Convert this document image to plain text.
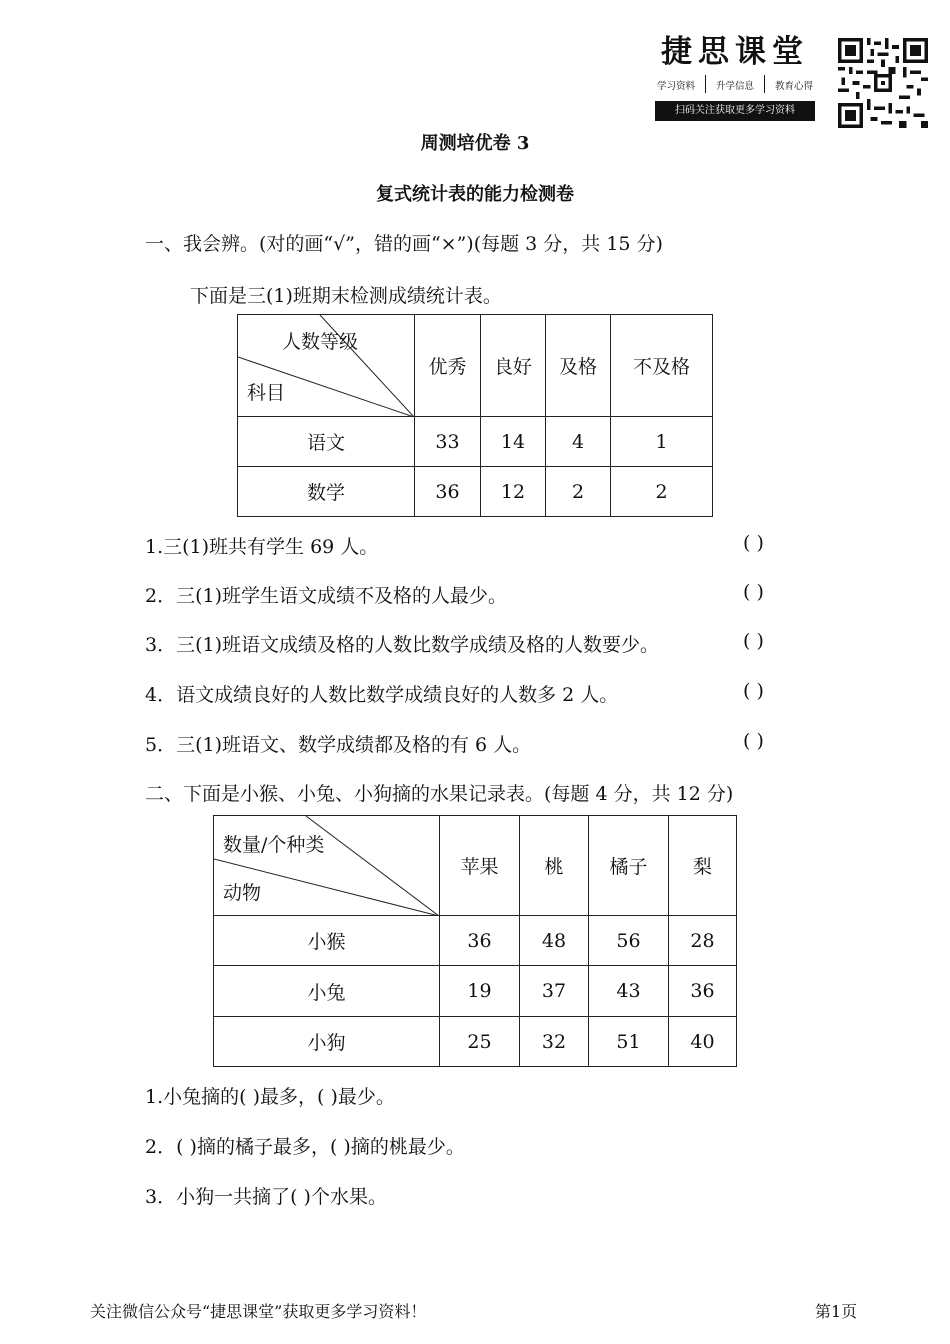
捷思课堂
学习资料 升学信息 教育心得
扫码关注获取更多学习资料
周测培优卷 3
复式统计表的能力检测卷
一、我会辨。(对的画“√”，错的画“×”)(每题 3 分，共 15 分)
下面是三(1)班期末检测成绩统计表。
人数等级
科目	优秀	良好	及格	不及格
语文	33	14	4	1
数学	36	12	2	2
1.三(1)班共有学生 69 人。	( )
2．三(1)班学生语文成绩不及格的人最少。	( )
3．三(1)班语文成绩及格的人数比数学成绩及格的人数要少。	( )
4．语文成绩良好的人数比数学成绩良好的人数多 2 人。	( )
5．三(1)班语文、数学成绩都及格的有 6 人。	( )
二、下面是小猴、小兔、小狗摘的水果记录表。(每题 4 分，共 12 分)
数量/个种类
动物	苹果	桃	橘子	梨
小猴	36	48	56	28
小兔	19	37	43	36
小狗	25	32	51	40
1.小兔摘的( )最多，( )最少。
2．( )摘的橘子最多，( )摘的桃最少。
3．小狗一共摘了( )个水果。
关注微信公众号“捷思课堂”获取更多学习资料！	第1页
